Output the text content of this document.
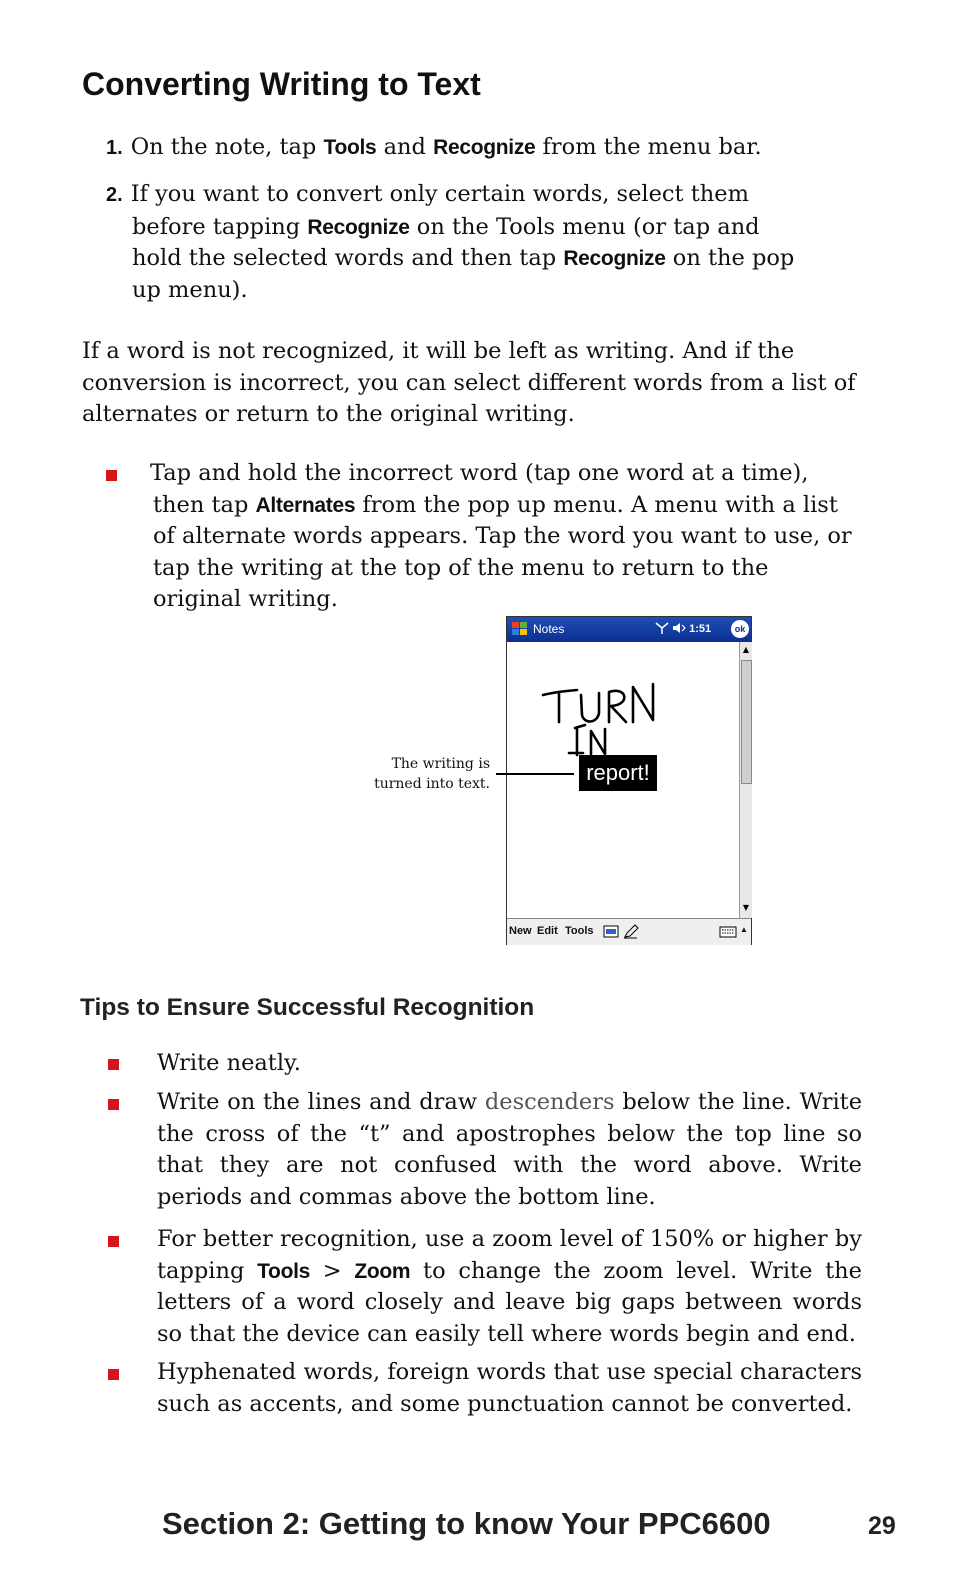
Converting Writing to Text
1. On the note, tap Tools and Recognize from the menu bar.
2. If you want to convert only certain words, select them
before tapping Recognize on the Tools menu (or tap and
hold the selected words and then tap Recognize on the pop
up menu).
If a word is not recognized, it will be left as writing. And if the conversion is incorrect, you can select different words from a list of alternates or return to the original writing.
Tap and hold the incorrect word (tap one word at a time),
then tap Alternates from the pop up menu. A menu with a list
of alternate words appears. Tap the word you want to use, or
tap the writing at the top of the menu to return to the
original writing.
Notes	1:51	ok
report!
▲
▼
New Edit Tools	▲
The writing is
turned into text.
Tips to Ensure Successful Recognition
Write neatly.
Write on the lines and draw descenders below the line. Write the cross of the “t” and apostrophes below the top line so that they are not confused with the word above. Write periods and commas above the bottom line.
For better recognition, use a zoom level of 150% or higher by tapping Tools > Zoom to change the zoom level. Write the letters of a word closely and leave big gaps between words so that the device can easily tell where words begin and end.
Hyphenated words, foreign words that use special characters such as accents, and some punctuation cannot be converted.
Section 2: Getting to know Your PPC6600	29
